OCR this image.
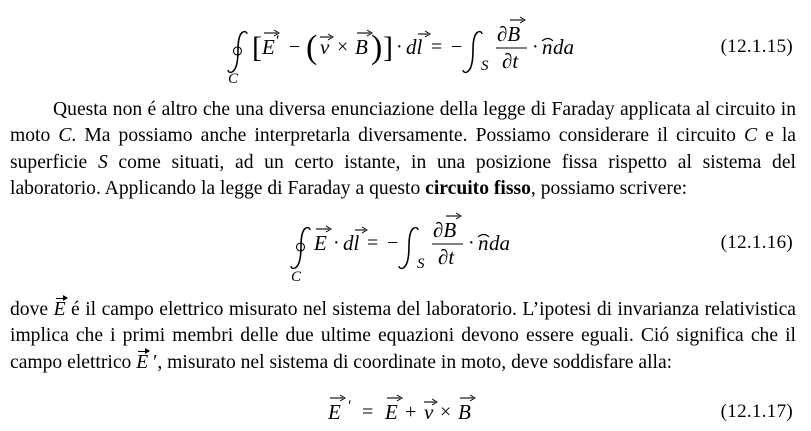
C
[ E ′ − ( v × B ) ] · dl = −
S
∂B
∂t
· n da	(12.1.15)

Questa non é altro che una diversa enunciazione della legge di Faraday applicata al circuito in moto C. Ma possiamo anche interpretarla diversamente. Possiamo considerare il circuito C e la superficie S come situati, ad un certo istante, in una posizione fissa rispetto al sistema del laboratorio. Applicando la legge di Faraday a questo circuito fisso, possiamo scrivere:

C
E · dl = −
S
∂B
∂t
· n da	(12.1.16)

dove E é il campo elettrico misurato nel sistema del laboratorio. L’ipotesi di invarianza relativistica implica che i primi membri delle due ultime equazioni devono essere eguali. Ció significa che il campo elettrico E ′, misurato nel sistema di coordinate in moto, deve soddisfare alla:

E ′ = E + v × B	(12.1.17)
